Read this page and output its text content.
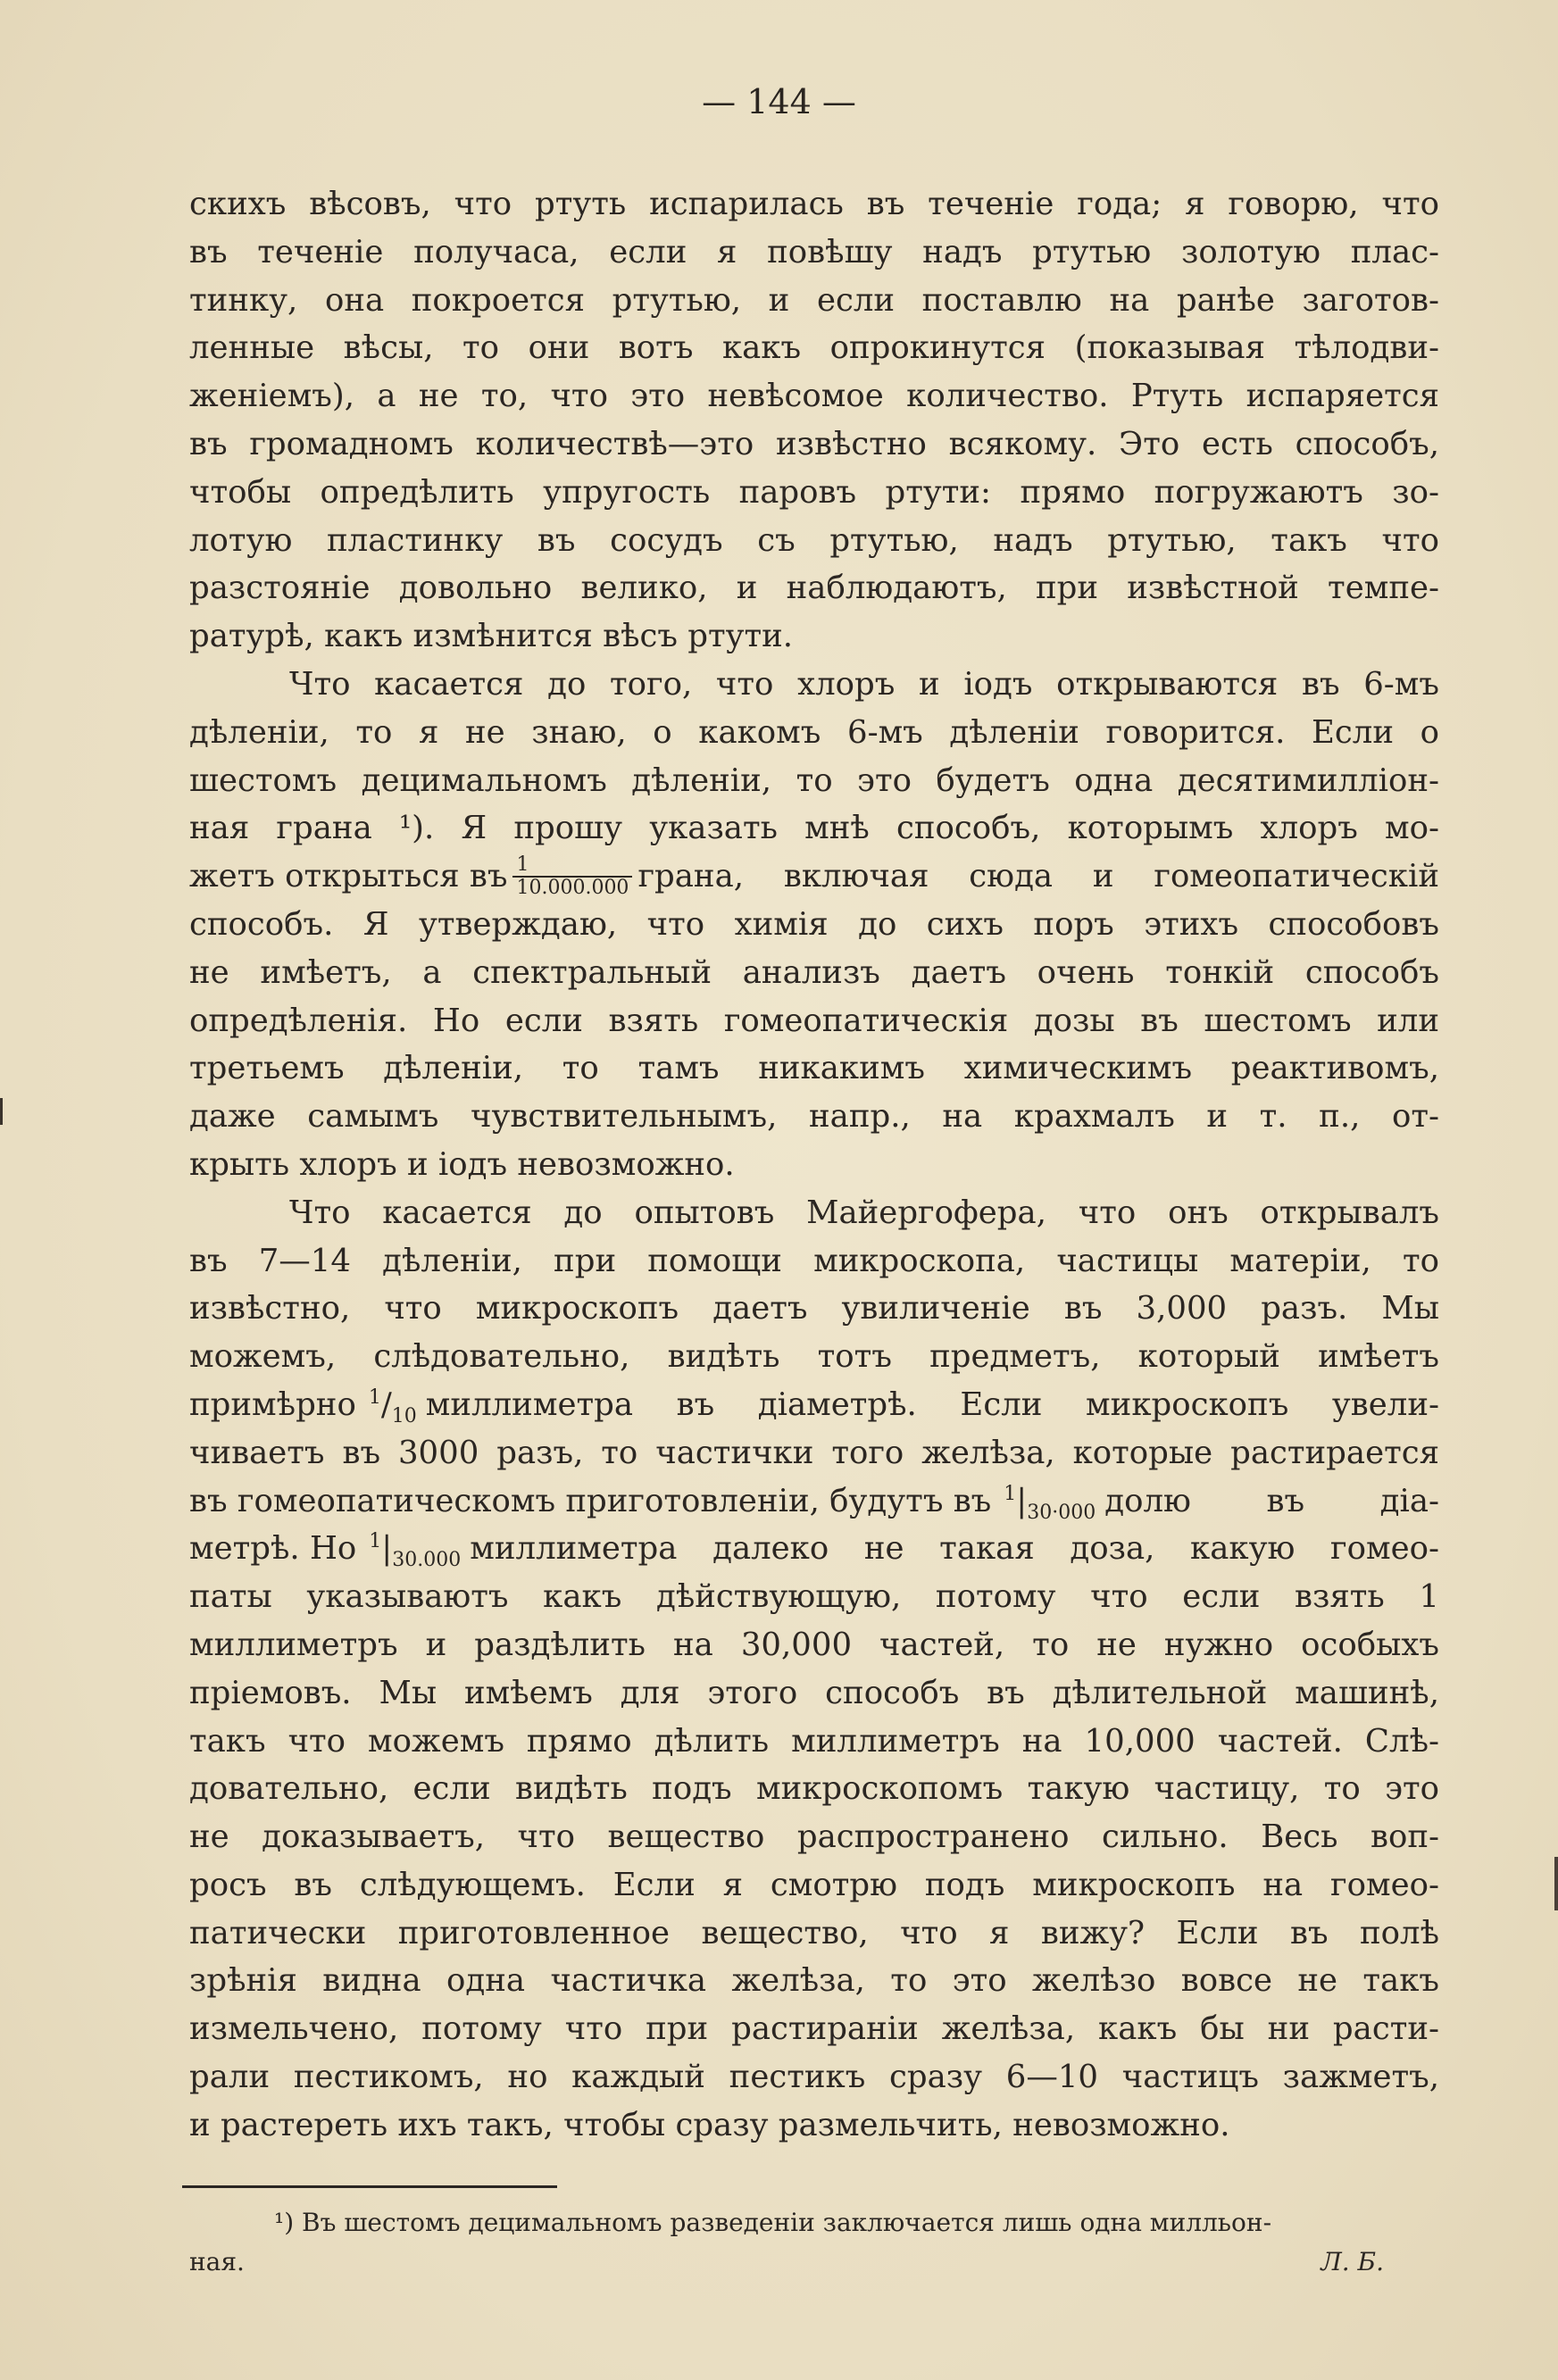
— 144 —

скихъ вѣсовъ, что ртуть испарилась въ теченіе года; я говорю, что
въ теченіе получаса, если я повѣшу надъ ртутью золотую плас-
тинку, она покроется ртутью, и если поставлю на ранѣе заготов-
ленные вѣсы, то они вотъ какъ опрокинутся (показывая тѣлодви-
женіемъ), а не то, что это невѣсомое количество. Ртуть испаряется
въ громадномъ количествѣ—это извѣстно всякому. Это есть способъ,
чтобы опредѣлить упругость паровъ ртути: прямо погружаютъ зо-
лотую пластинку въ сосудъ съ ртутью, надъ ртутью, такъ что
разстояніе довольно велико, и наблюдаютъ, при извѣстной темпе-
ратурѣ, какъ измѣнится вѣсъ ртути.

Что касается до того, что хлоръ и іодъ открываются въ 6-мъ
дѣленіи, то я не знаю, о какомъ 6-мъ дѣленіи говорится. Если о
шестомъ децимальномъ дѣленіи, то это будетъ одна десятимилліон-
ная грана ¹). Я прошу указать мнѣ способъ, которымъ хлоръ мо-
жетъ открыться въ $\frac{1}{10.000.000}$ грана, включая сюда и гомеопатическій
способъ. Я утверждаю, что химія до сихъ поръ этихъ способовъ
не имѣетъ, а спектральный анализъ даетъ очень тонкій способъ
опредѣленія. Но если взять гомеопатическія дозы въ шестомъ или
третьемъ дѣленіи, то тамъ никакимъ химическимъ реактивомъ,
даже самымъ чувствительнымъ, напр., на крахмалъ и т. п., от-
крыть хлоръ и іодъ невозможно.

Что касается до опытовъ Майергофера, что онъ открывалъ
въ 7—14 дѣленіи, при помощи микроскопа, частицы матеріи, то
извѣстно, что микроскопъ даетъ увиличеніе въ 3,000 разъ. Мы
можемъ, слѣдовательно, видѣть тотъ предметъ, который имѣетъ
примѣрно $^1/_{10}$ миллиметра въ діаметрѣ. Если микроскопъ увели-
чиваетъ въ 3000 разъ, то частички того желѣза, которые растирается
въ гомеопатическомъ приготовленіи, будутъ въ $^1|_{30\cdot 000}$ долю въ діа-
метрѣ. Но $^1|_{30.000}$ миллиметра далеко не такая доза, какую гомео-
паты указываютъ какъ дѣйствующую, потому что если взять 1
миллиметръ и раздѣлить на 30,000 частей, то не нужно особыхъ
пріемовъ. Мы имѣемъ для этого способъ въ дѣлительной машинѣ,
такъ что можемъ прямо дѣлить миллиметръ на 10,000 частей. Слѣ-
довательно, если видѣть подъ микроскопомъ такую частицу, то это
не доказываетъ, что вещество распространено сильно. Весь воп-
росъ въ слѣдующемъ. Если я смотрю подъ микроскопъ на гомео-
патически приготовленное вещество, что я вижу? Если въ полѣ
зрѣнія видна одна частичка желѣза, то это желѣзо вовсе не такъ
измельчено, потому что при растираніи желѣза, какъ бы ни расти-
рали пестикомъ, но каждый пестикъ сразу 6—10 частицъ зажметъ,
и растереть ихъ такъ, чтобы сразу размельчить, невозможно.

¹) Въ шестомъ децимальномъ разведеніи заключается лишь одна милльон-
ная.	Л. Б.
